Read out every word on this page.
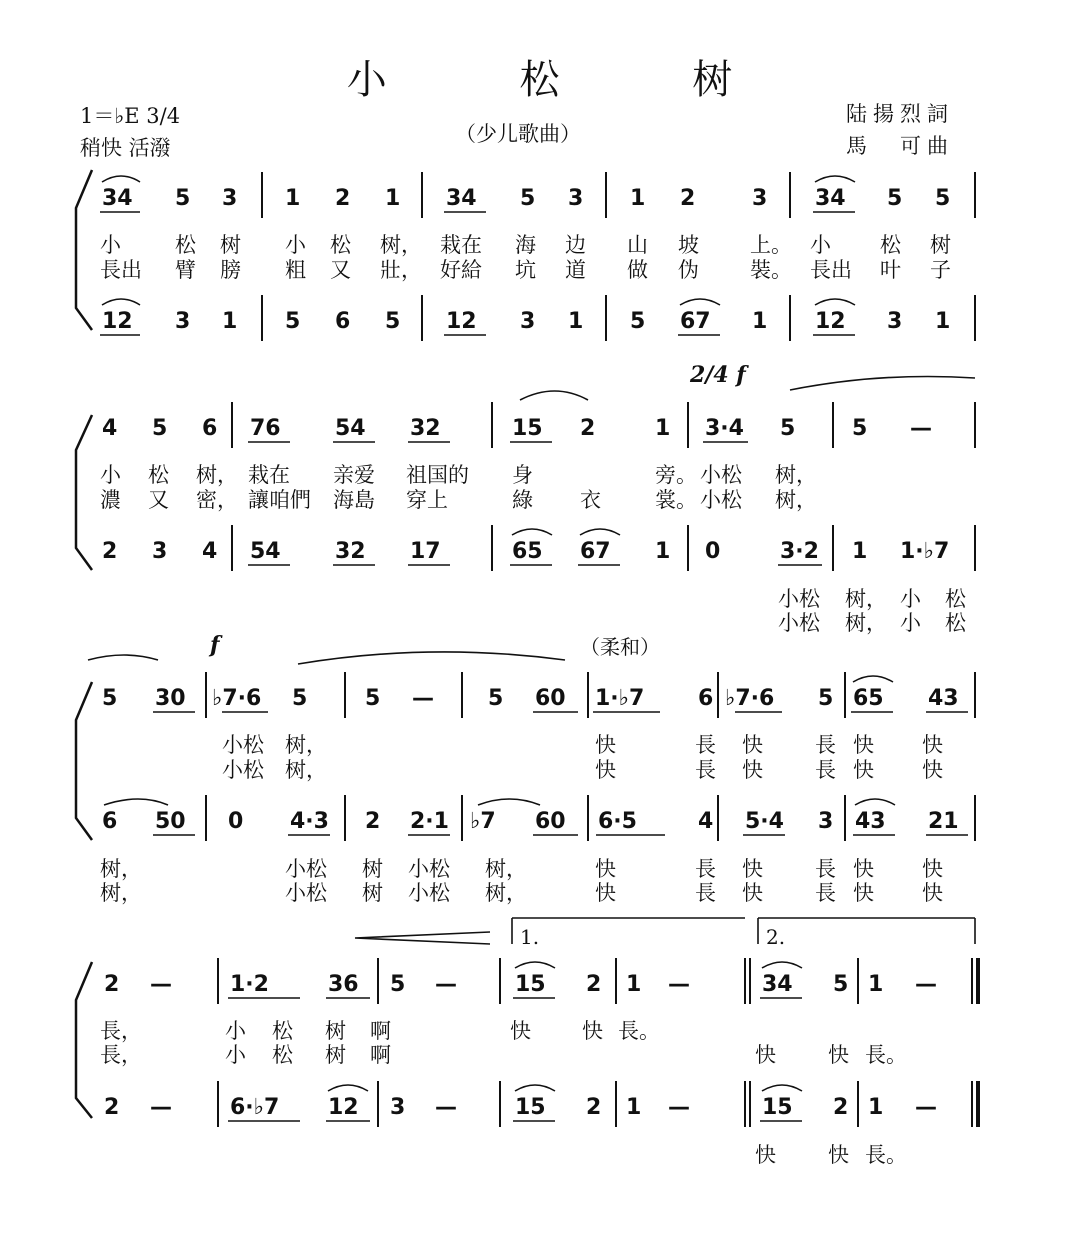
小 松 树
1＝♭E 3/4
稍快 活潑
（少儿歌曲）
陆揚烈詞
馬　可曲
34 5 3 1 2 1 34 5 3 1 2	3 34 5 5
小	松 树 小 松 树， 栽在 海 边 山 坡 上。 小 松 树
長出 臂 膀 粗 又 壯， 好給 坑 道 做 伪 裝。 長出 叶 子
12 3 1 5 6 5 12 3 1 5 67 1 12 3 1
2/4 f
4 5 6 76 54 32	15 2	1 3·4 5	5 —
小 松 树， 栽在 亲爱 祖国的 身	旁。 小松 树，
濃 又 密， 讓咱們 海島 穿上	綠 衣	裳。 小松 树，
2 3 4 54 32 17	65 67 1 0	3·2 1 1·♭7
小松 树， 小 松
小松 树， 小 松
f	（柔和）
5 30 ♭7·6 5	5 — 5 60 1·♭7 6 ♭7·6 5 65 43
小松 树，	快	長 快 長 快 快
小松 树，	快	長 快 長 快 快
6 50 0 4·3 2 2·1 ♭7 60 6·5	4 5·4 3 43 21
树，	小松 树 小松 树，	快	長 快 長 快 快
树，	小松 树 小松 树，	快	長 快 長 快 快
1.	2.
2 —	1·2	36 5 —	15 2 1 —	34 5 1 —
長，	小 松 树 啊	快 快 長。
長，	小 松 树 啊	快 快 長。
2 —	6·♭7 12 3 —	15 2 1 —	15 2 1 —
快 快 長。
